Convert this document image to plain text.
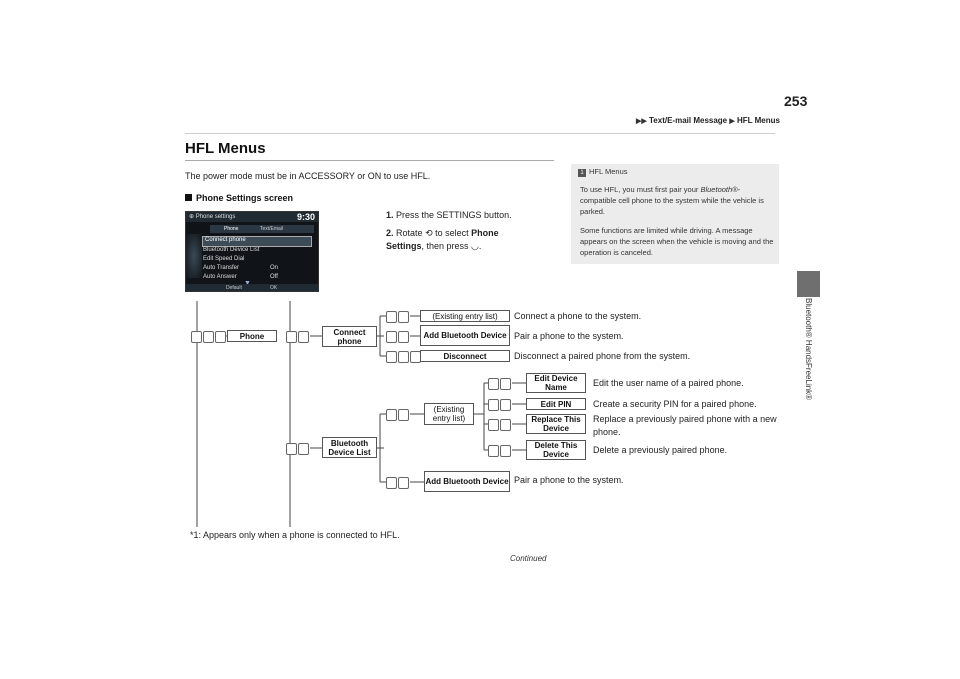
253
▶▶ Text/E-mail Message ▶ HFL Menus
HFL Menus
The power mode must be in ACCESSORY or ON to use HFL.
Phone Settings screen
1 HFL Menus
To use HFL, you must first pair your Bluetooth®-compatible cell phone to the system while the vehicle is parked.
Some functions are limited while driving. A message appears on the screen when the vehicle is moving and the operation is canceled.
Bluetooth® HandsFreeLink®
⊕ Phone settings	9:30
Phone	Text/Email
Connect phone
Bluetooth Device List
Edit Speed Dial
Auto Transfer	On
Auto Answer	Off
Default	OK
1. Press the SETTINGS button.
2. Rotate ⟲ to select Phone Settings, then press ◡.
Phone	Connect phone
(Existing entry list)
Add Bluetooth Device
Disconnect
Bluetooth Device List
(Existing entry list)
Edit Device Name
Edit PIN
Replace This Device
Delete This Device
Add Bluetooth Device
Connect a phone to the system.
Pair a phone to the system.
Disconnect a paired phone from the system.
Edit the user name of a paired phone.
Create a security PIN for a paired phone.
Replace a previously paired phone with a new phone.
Delete a previously paired phone.
Pair a phone to the system.
*1: Appears only when a phone is connected to HFL.
Continued
